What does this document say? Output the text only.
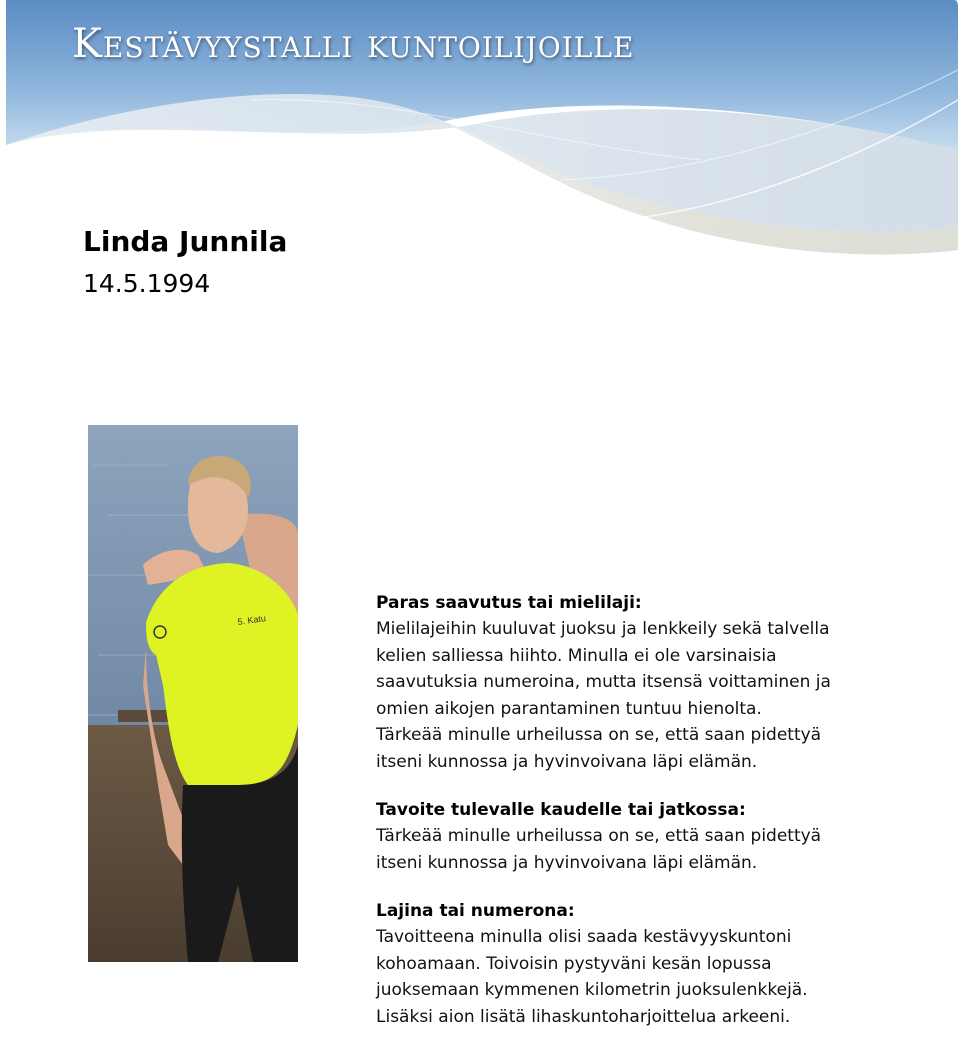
Kestävyystalli kuntoilijoille
Linda Junnila
14.5.1994
5. Katu
Paras saavutus tai mielilaji:

Mielilajeihin kuuluvat juoksu ja lenkkeily sekä talvella
kelien salliessa hiihto. Minulla ei ole varsinaisia
saavutuksia numeroina, mutta itsensä voittaminen ja
omien aikojen parantaminen tuntuu hienolta.
Tärkeää minulle urheilussa on se, että saan pidettyä
itseni kunnossa ja hyvinvoivana läpi elämän.

Tavoite tulevalle kaudelle tai jatkossa:

Tärkeää minulle urheilussa on se, että saan pidettyä
itseni kunnossa ja hyvinvoivana läpi elämän.

Lajina tai numerona:

Tavoitteena minulla olisi saada kestävyyskuntoni
kohoamaan. Toivoisin pystyväni kesän lopussa
juoksemaan kymmenen kilometrin juoksulenkkejä.
Lisäksi aion lisätä lihaskuntoharjoittelua arkeeni.
